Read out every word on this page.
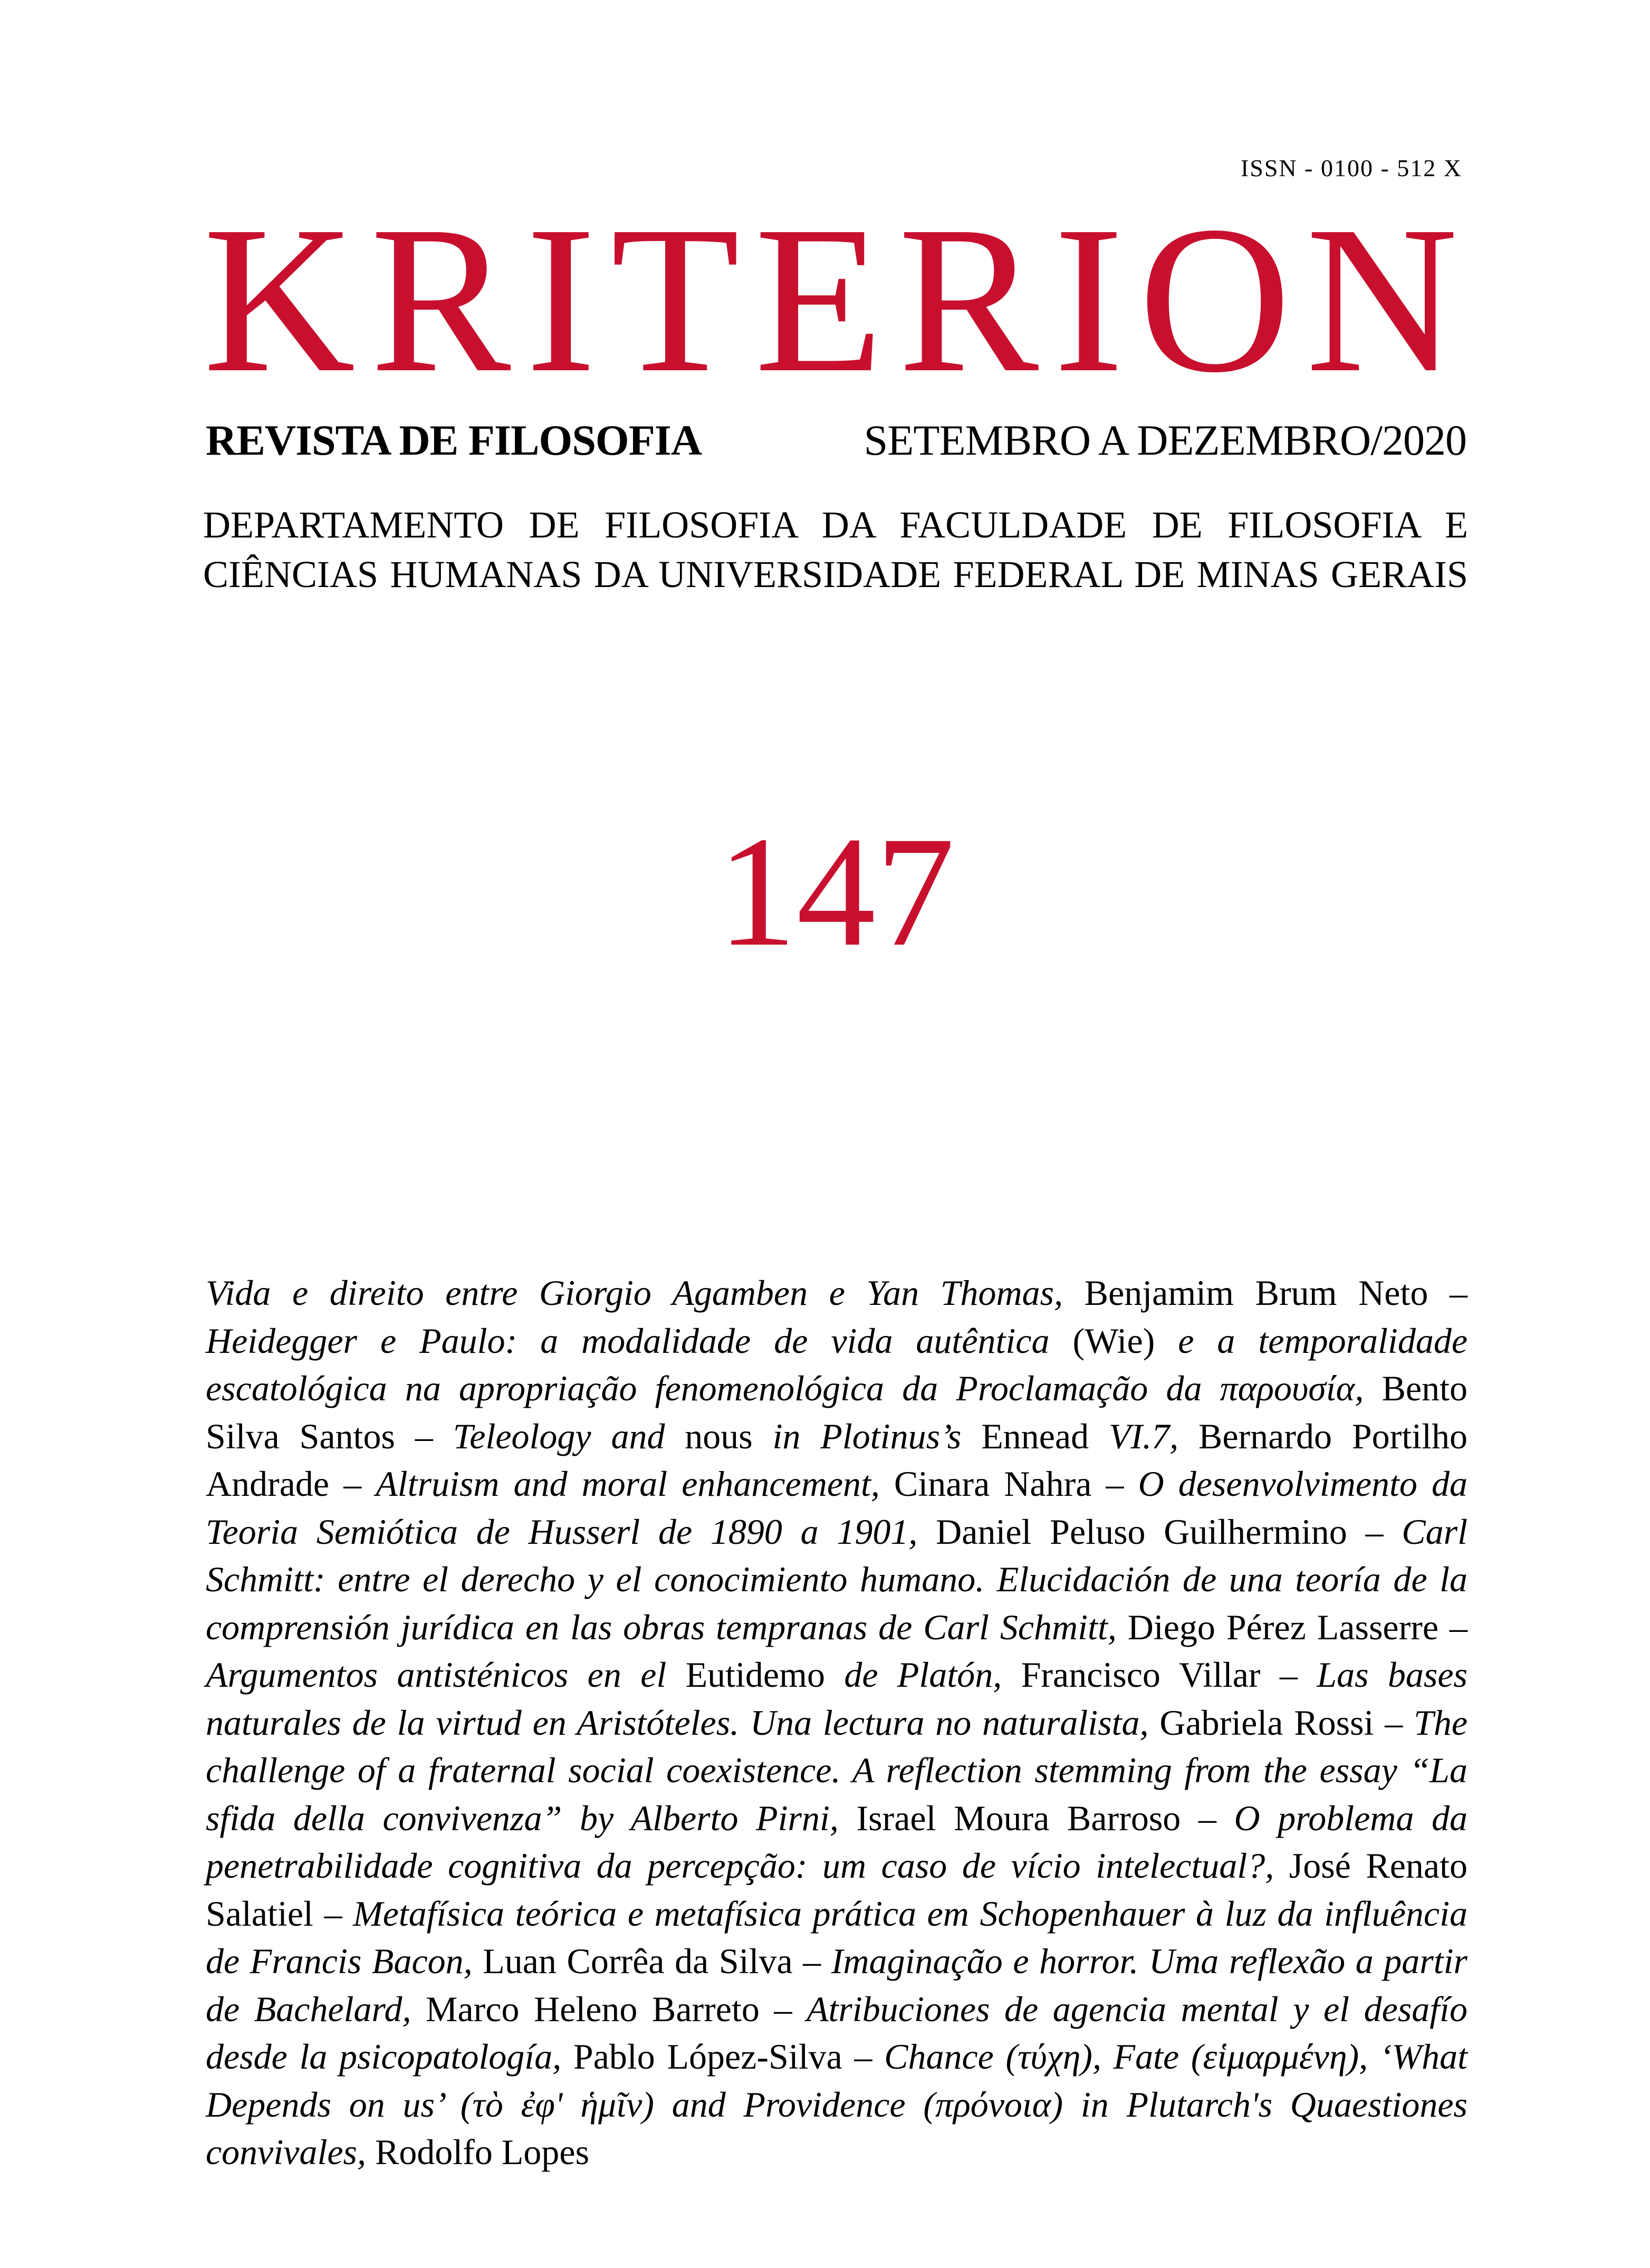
ISSN - 0100 - 512 X
KRITERION
REVISTA DE FILOSOFIA	SETEMBRO A DEZEMBRO/2020
DEPARTAMENTO DE FILOSOFIA DA FACULDADE DE FILOSOFIA E
CIÊNCIAS HUMANAS DA UNIVERSIDADE FEDERAL DE MINAS GERAIS
147

Vida e direito entre Giorgio Agamben e Yan Thomas, Benjamim Brum Neto – Heidegger e Paulo: a modalidade de vida autêntica (Wie) e a temporalidade escatológica na apropriação fenomenológica da Proclamação da παρουσία, Bento Silva Santos – Teleology and nous in Plotinus’s Ennead VI.7, Bernardo Portilho Andrade – Altruism and moral enhancement, Cinara Nahra – O desenvolvimento da Teoria Semiótica de Husserl de 1890 a 1901, Daniel Peluso Guilhermino – Carl Schmitt: entre el derecho y el conocimiento humano. Elucidación de una teoría de la comprensión jurídica en las obras tempranas de Carl Schmitt, Diego Pérez Lasserre – Argumentos antisténicos en el Eutidemo de Platón, Francisco Villar – Las bases naturales de la virtud en Aristóteles. Una lectura no naturalista, Gabriela Rossi – The challenge of a fraternal social coexistence. A reflection stemming from the essay “La sfida della convivenza” by Alberto Pirni, Israel Moura Barroso – O problema da penetrabilidade cognitiva da percepção: um caso de vício intelectual?, José Renato Salatiel – Metafísica teórica e metafísica prática em Schopenhauer à luz da influência de Francis Bacon, Luan Corrêa da Silva – Imaginação e horror. Uma reflexão a partir de Bachelard, Marco Heleno Barreto – Atribuciones de agencia mental y el desafío desde la psicopatología, Pablo López-Silva – Chance (τύχη), Fate (εἱμαρμένη), ‘What Depends on us’ (τὸ ἐφ' ἡμῖν) and Providence (πρόνοια) in Plutarch's Quaestiones convivales, Rodolfo Lopes
